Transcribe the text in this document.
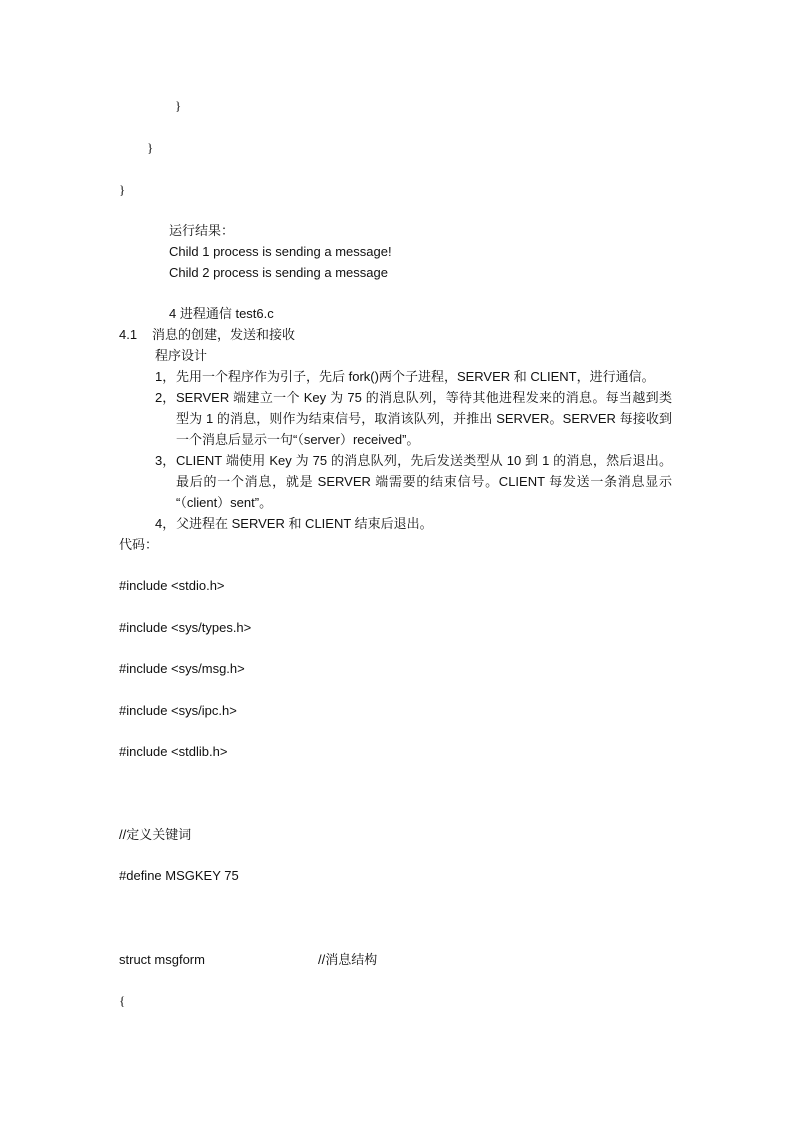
}
}
}
运行结果：
Child 1 process is sending a message!
Child 2 process is sending a message
4 进程通信 test6.c
4.1 消息的创建，发送和接收
程序设计
1， 先用一个程序作为引子，先后 fork()两个子进程，SERVER 和 CLIENT，进行通信。
2， SERVER 端建立一个 Key 为 75 的消息队列，等待其他进程发来的消息。每当越到类
型为 1 的消息，则作为结束信号，取消该队列，并推出 SERVER。SERVER 每接收到
一个消息后显示一句“（server）received”。
3， CLIENT 端使用 Key 为 75 的消息队列，先后发送类型从 10 到 1 的消息，然后退出。
最后的一个消息，就是 SERVER 端需要的结束信号。CLIENT 每发送一条消息显示
“（client）sent”。
4， 父进程在 SERVER 和 CLIENT 结束后退出。
代码：
#include <stdio.h>
#include <sys/types.h>
#include <sys/msg.h>
#include <sys/ipc.h>
#include <stdlib.h>
//定义关键词
#define MSGKEY 75
struct msgform	//消息结构
{
